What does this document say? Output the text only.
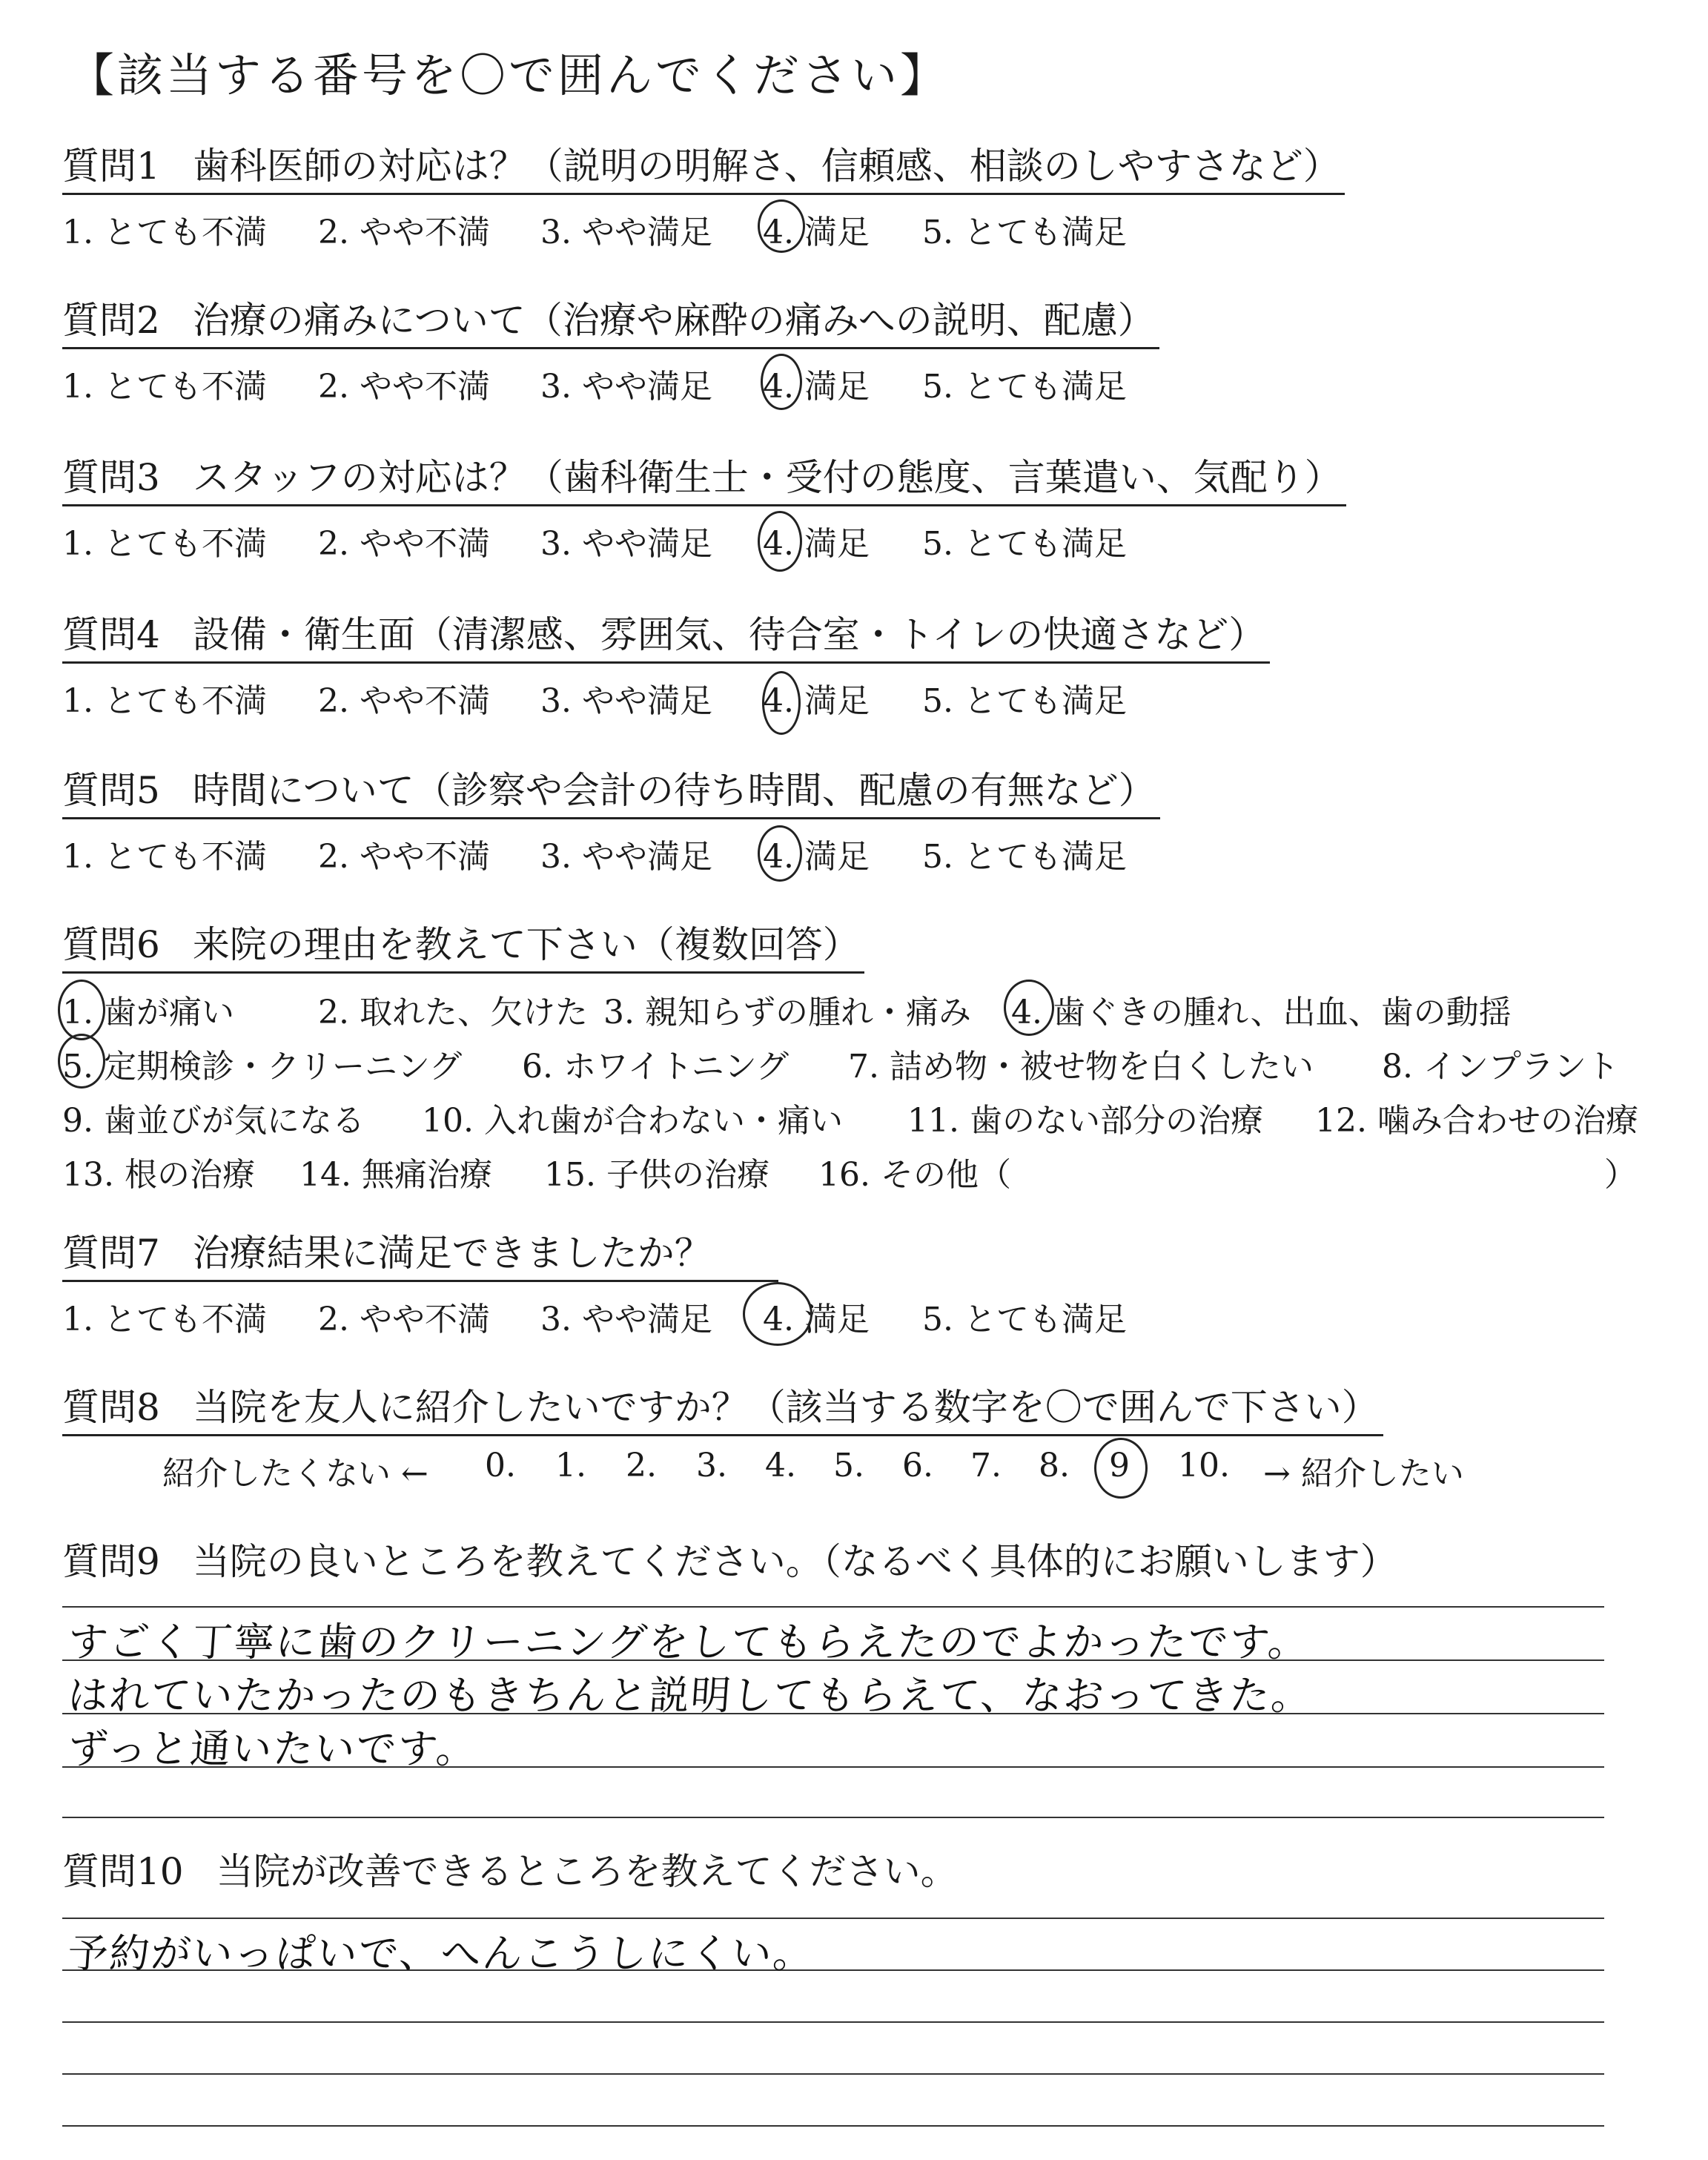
【該当する番号を〇で囲んでください】
質問1 歯科医師の対応は？（説明の明解さ、信頼感、相談のしやすさなど）
1. とても不満 2. やや不満 3. やや満足 4. 満足 5. とても満足
質問2 治療の痛みについて（治療や麻酔の痛みへの説明、配慮）
1. とても不満 2. やや不満 3. やや満足 4. 満足 5. とても満足
質問3 スタッフの対応は？（歯科衛生士・受付の態度、言葉遣い、気配り）
1. とても不満 2. やや不満 3. やや満足 4. 満足 5. とても満足
質問4 設備・衛生面（清潔感、雰囲気、待合室・トイレの快適さなど）
1. とても不満 2. やや不満 3. やや満足 4. 満足 5. とても満足
質問5 時間について（診察や会計の待ち時間、配慮の有無など）
1. とても不満 2. やや不満 3. やや満足 4. 満足 5. とても満足
質問6 来院の理由を教えて下さい（複数回答）
1. 歯が痛い	2. 取れた、欠けた 3. 親知らずの腫れ・痛み 4. 歯ぐきの腫れ、出血、歯の動揺
5. 定期検診・クリーニング 6. ホワイトニング 7. 詰め物・被せ物を白くしたい 8. インプラント
9. 歯並びが気になる 10. 入れ歯が合わない・痛い 11. 歯のない部分の治療 12. 噛み合わせの治療
13. 根の治療 14. 無痛治療 15. 子供の治療 16. その他（	）
質問7 治療結果に満足できましたか？
1. とても不満 2. やや不満 3. やや満足 4. 満足 5. とても満足
質問8 当院を友人に紹介したいですか？（該当する数字を〇で囲んで下さい）
紹介したくない ← 0. 1. 2. 3. 4. 5. 6. 7. 8. 9 10. → 紹介したい
質問9 当院の良いところを教えてください。（なるべく具体的にお願いします）
すごく丁寧に歯のクリーニングをしてもらえたのでよかったです。
はれていたかったのもきちんと説明してもらえて、なおってきた。
ずっと通いたいです。
質問10 当院が改善できるところを教えてください。
予約がいっぱいで、へんこうしにくい。
